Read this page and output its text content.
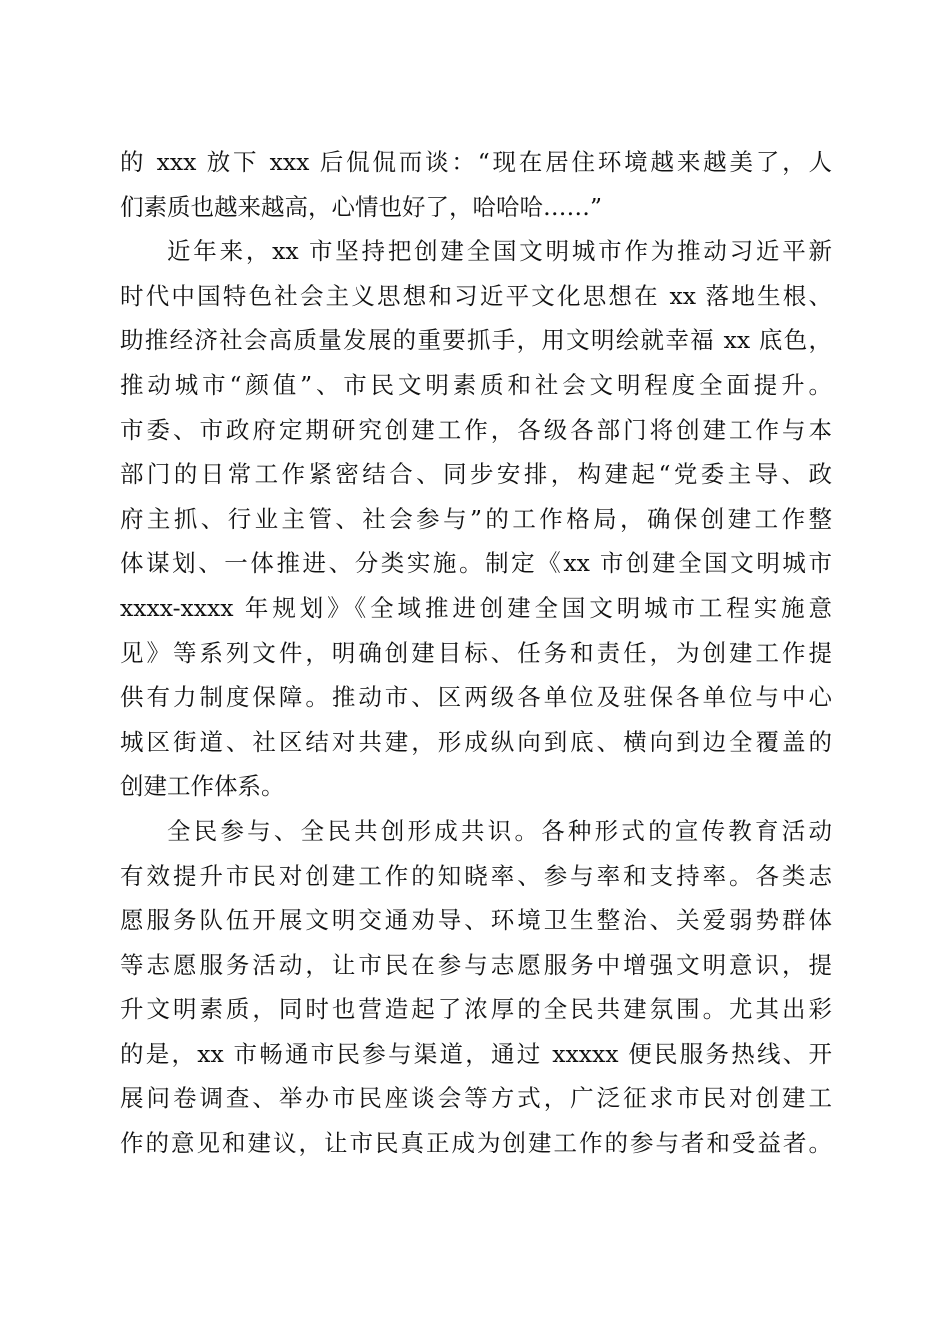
的 xxx 放下 xxx 后侃侃而谈：“现在居住环境越来越美了，人
们素质也越来越高，心情也好了，哈哈哈……”
近年来，xx 市坚持把创建全国文明城市作为推动习近平新
时代中国特色社会主义思想和习近平文化思想在 xx 落地生根、
助推经济社会高质量发展的重要抓手，用文明绘就幸福 xx 底色，
推动城市“颜值”、市民文明素质和社会文明程度全面提升。
市委、市政府定期研究创建工作，各级各部门将创建工作与本
部门的日常工作紧密结合、同步安排，构建起“党委主导、政
府主抓、行业主管、社会参与”的工作格局，确保创建工作整
体谋划、一体推进、分类实施。制定《xx 市创建全国文明城市
xxxx-xxxx 年规划》《全域推进创建全国文明城市工程实施意
见》等系列文件，明确创建目标、任务和责任，为创建工作提
供有力制度保障。推动市、区两级各单位及驻保各单位与中心
城区街道、社区结对共建，形成纵向到底、横向到边全覆盖的
创建工作体系。
全民参与、全民共创形成共识。各种形式的宣传教育活动
有效提升市民对创建工作的知晓率、参与率和支持率。各类志
愿服务队伍开展文明交通劝导、环境卫生整治、关爱弱势群体
等志愿服务活动，让市民在参与志愿服务中增强文明意识，提
升文明素质，同时也营造起了浓厚的全民共建氛围。尤其出彩
的是，xx 市畅通市民参与渠道，通过 xxxxx 便民服务热线、开
展问卷调查、举办市民座谈会等方式，广泛征求市民对创建工
作的意见和建议，让市民真正成为创建工作的参与者和受益者。
